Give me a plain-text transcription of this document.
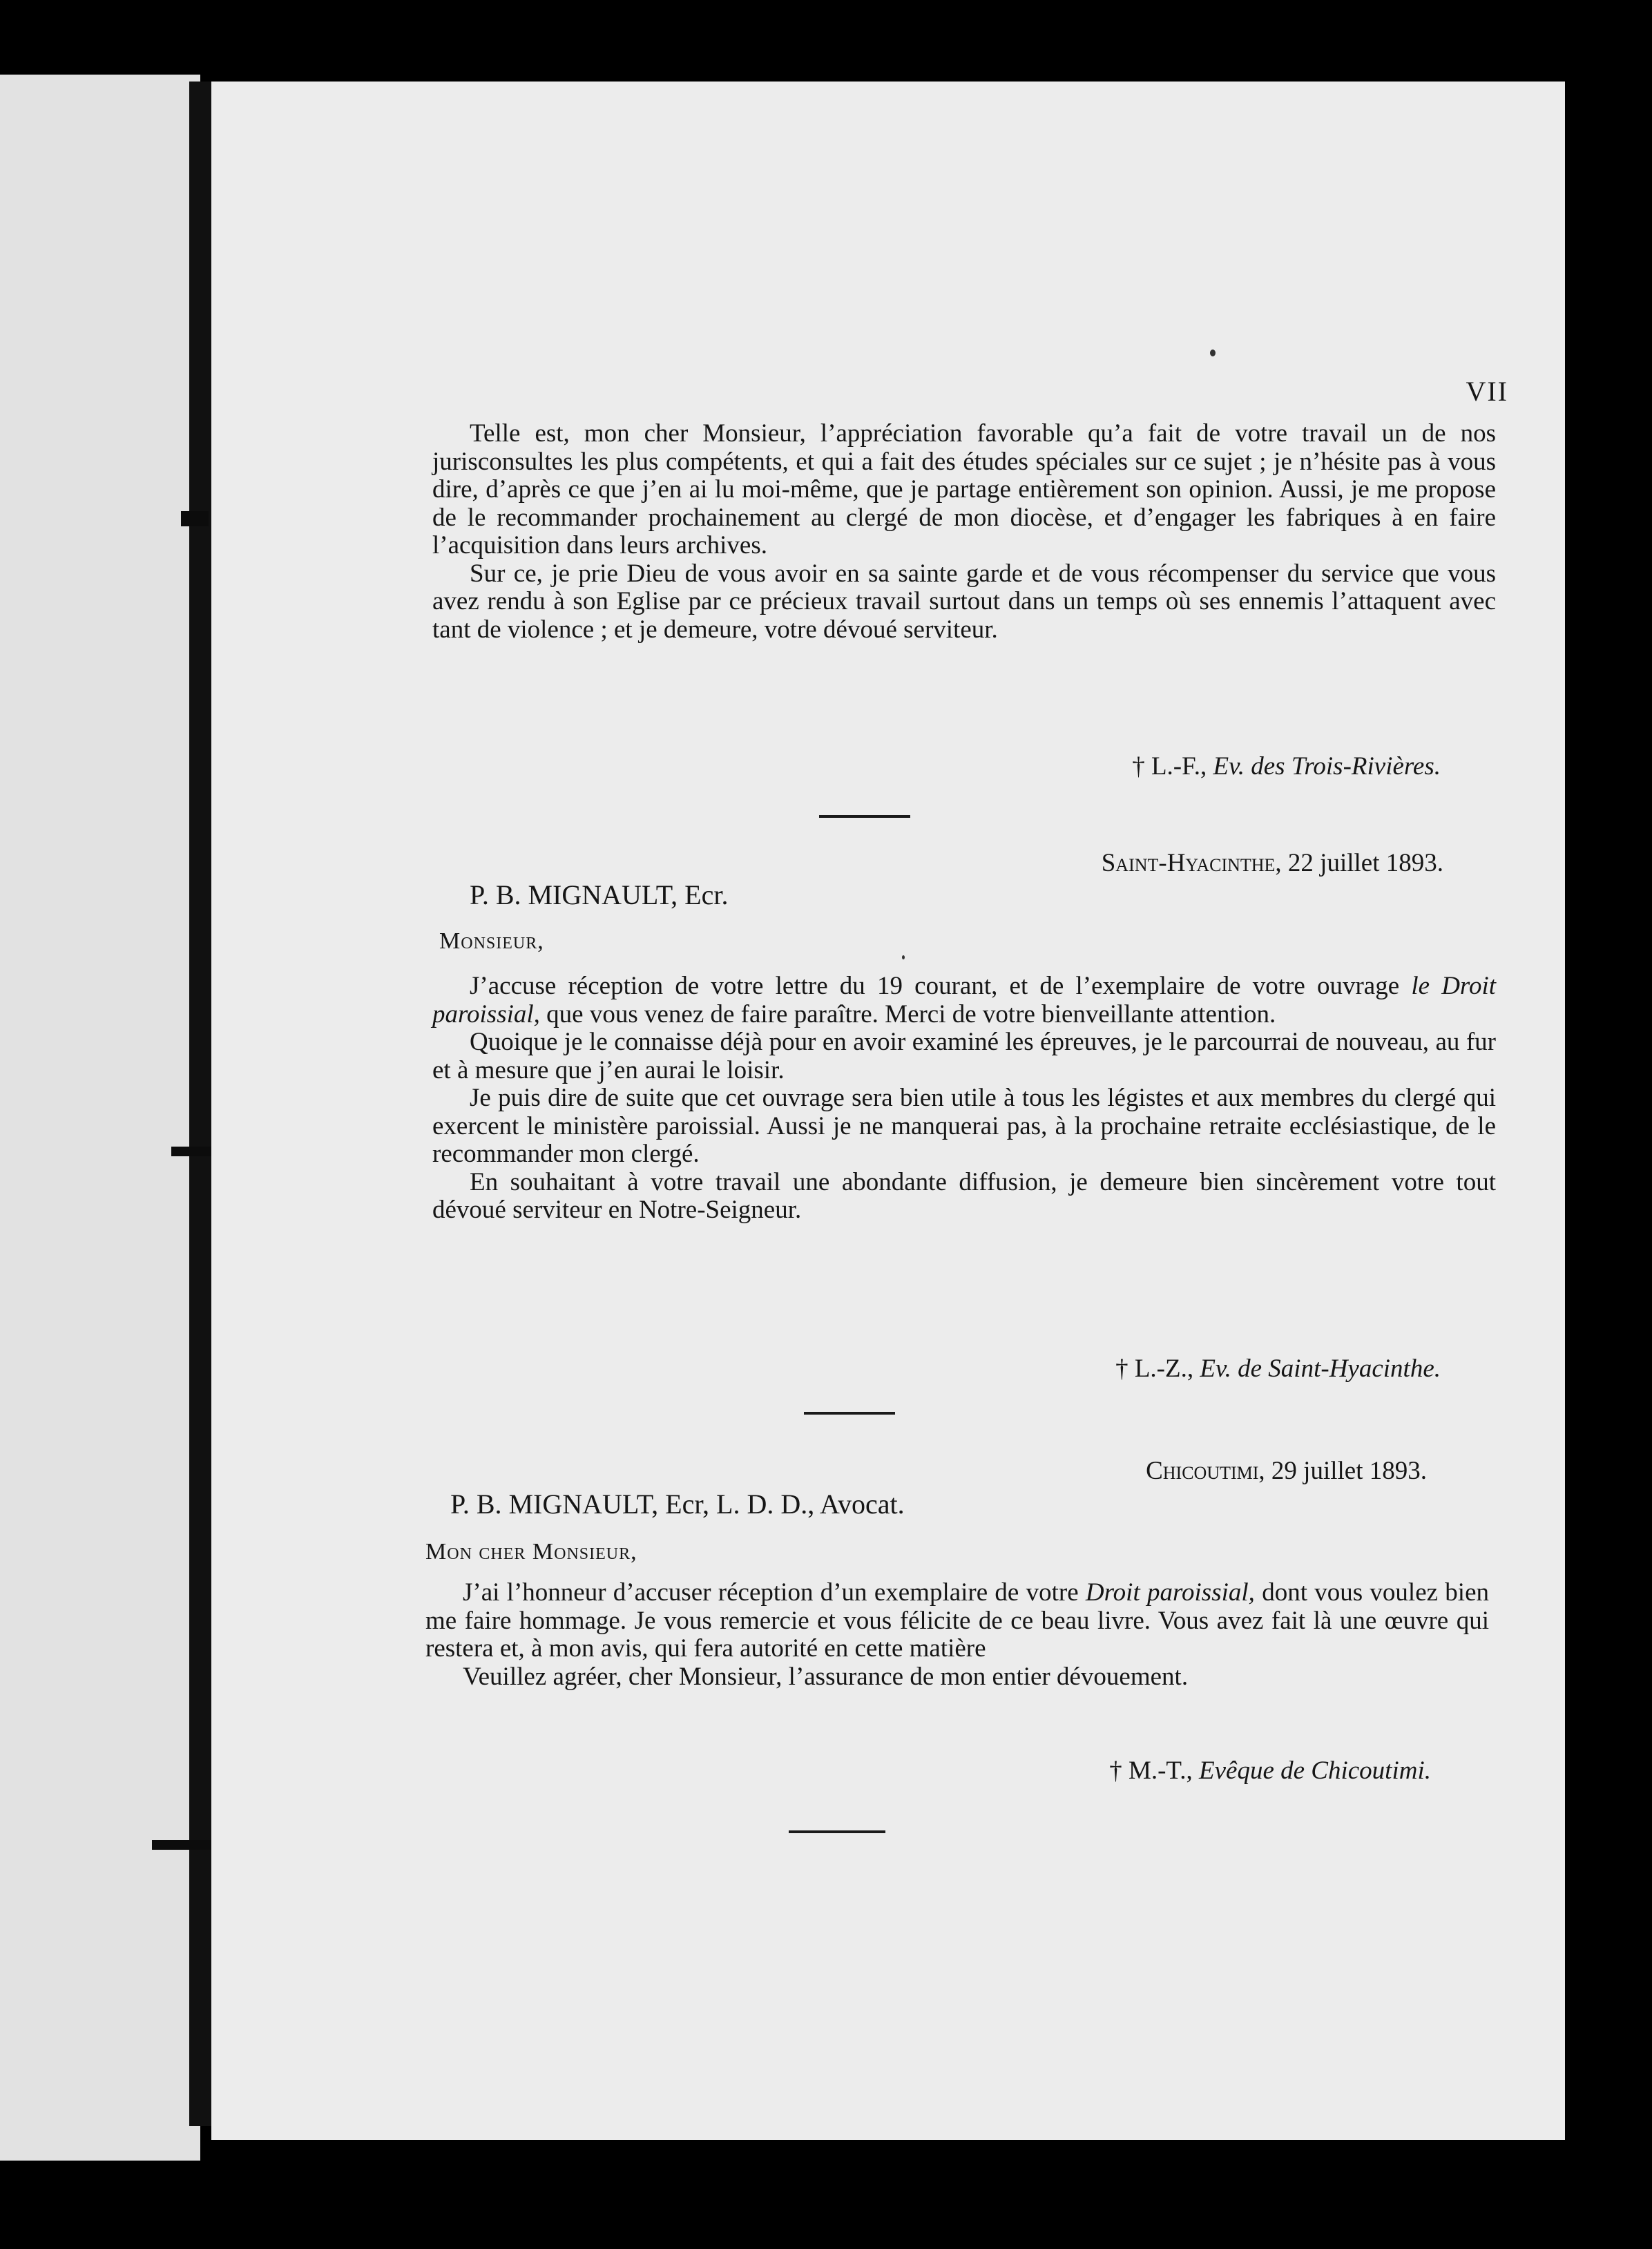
VII

Telle est, mon cher Monsieur, l’appréciation favorable qu’a fait de votre travail un de nos jurisconsultes les plus compétents, et qui a fait des études spéciales sur ce sujet ; je n’hésite pas à vous dire, d’après ce que j’en ai lu moi-même, que je partage entièrement son opinion. Aussi, je me propose de le recommander prochainement au clergé de mon diocèse, et d’engager les fabriques à en faire l’acquisition dans leurs archives.

Sur ce, je prie Dieu de vous avoir en sa sainte garde et de vous récompenser du service que vous avez rendu à son Eglise par ce précieux travail surtout dans un temps où ses ennemis l’attaquent avec tant de violence ; et je demeure, votre dévoué serviteur.

† L.-F., Ev. des Trois-Rivières.
Saint-Hyacinthe, 22 juillet 1893.
P. B. MIGNAULT, Ecr.
Monsieur,

J’accuse réception de votre lettre du 19 courant, et de l’exemplaire de votre ouvrage le Droit paroissial, que vous venez de faire paraître. Merci de votre bienveillante attention.

Quoique je le connaisse déjà pour en avoir examiné les épreuves, je le parcourrai de nouveau, au fur et à mesure que j’en aurai le loisir.

Je puis dire de suite que cet ouvrage sera bien utile à tous les légistes et aux membres du clergé qui exercent le ministère paroissial. Aussi je ne manquerai pas, à la prochaine retraite ecclésiastique, de le recommander mon clergé.

En souhaitant à votre travail une abondante diffusion, je demeure bien sincèrement votre tout dévoué serviteur en Notre-Seigneur.

† L.-Z., Ev. de Saint-Hyacinthe.
Chicoutimi, 29 juillet 1893.
P. B. MIGNAULT, Ecr, L. D. D., Avocat.
Mon cher Monsieur,

J’ai l’honneur d’accuser réception d’un exemplaire de votre Droit paroissial, dont vous voulez bien me faire hommage. Je vous remercie et vous félicite de ce beau livre. Vous avez fait là une œuvre qui restera et, à mon avis, qui fera autorité en cette matière

Veuillez agréer, cher Monsieur, l’assurance de mon entier dévouement.

† M.-T., Evêque de Chicoutimi.
